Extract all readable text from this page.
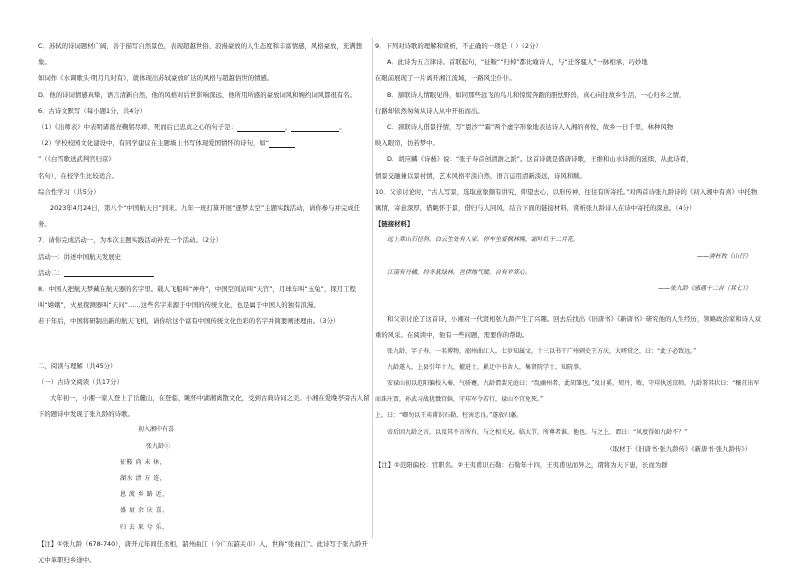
C．苏轼的诗词题材广阔，善于描写自然景色，表现超越世俗、浪漫豪放的人生态度和丰富情感，风格豪放，充满想象。

如词作《水调歌头·明月几时有》，就体现出苏轼豪放旷达的风格与超越俗世的情感。

D．他的诗词情感真挚，语言清新自然，他的风格对后世影响深远，他所用所感的豪放词风和婉约词风都很有名。

6．古诗文默写（每小题1分，共4分）

（1）《出师表》中表明诸葛亮鞠躬尽瘁、死而后已忠贞之心的句子是：	，	。

（2）学校校园文化建设中，有同学建议在主题墙上书写体现爱国情怀的诗句，如“”（《白雪歌送武判官归京》

名句），在校学生比较适合。

综合性学习（共5分）

2023年4月24日，第八个“中国航天日”到来。九年一班打算开展“逐梦太空”主题实践活动，请你参与并完成任务。

7．请你完成活动一，为本次主题实践活动补充一个活动。（2分）

活动一：讲述中国航天发展史

活动二：

8．中国人把航天梦藏在航天器的名字里。载人飞船叫“神舟”，中国空间站叫“天宫”，月球车叫“玉兔”，探月工程叫“嫦娥”，火星探测器叫“天问”……这些名字来源于中国的传统文化，也是属于中国人的独有浪漫。

若干年后，中国将研制出新的航天飞机，请你给这个富有中国传统文化色彩的名字并简要阐述理由。（3分）

二、阅读与理解（共45分）

（一）古诗文阅读（共17分）

大年初一，小湘一家人登上了岳麓山，在登临、眺怀中湖湘离散文化，受到古典诗词之美。小湘在爱晚亭旁古人留下的题诗中发现了张九龄的诗歌。

初入湘中有喜

张九龄①

征鞍 尚 未 休，

湖水 清 方 连，

恩 流 乡 路 近，

盛 衰 余 庆 喜，

归 去 来 兮 乐，

【注】①张九龄（678-740），唐开元年间任丞相，韶州曲江（今广东韶关市）人，世称“张曲江”。此诗写于张九龄开元中革职归乡途中。

9．下列对诗歌的理解和赏析，不正确的一项是（ ）（2分）

A．此诗为五言律诗。首联起句，“征鞍”“归棹”都比喻诗人，与“迁客骚人”一脉相承，巧妙地

在眼前展现了一片离开湘江流域，一路风尘仆仆。

B．颔联诗人情眼见得，如同那些远飞的鸟儿和惊慌奔跑的胆怯野兽，真心向往故乡生活，一心归乡之情，

行路却依然匆匆从诗人从中开拓而出。

C．颈联诗人借景抒情，写“恩沙”“霜”两个虚字形象地表达诗人入湘的喜悦，故乡一日千里，林种风物

映入眼帘，仿若梦中。

D．胡应麟《诗薮》说：“张子寿首创清澹之派”。这首诗就是盛唐诗歌，王维和山水诗派的延续，从此诗看，

情景交融兼以景衬情，艺术风格平淡自然，语言运用清新淡远，诗风和顺。

10．父亲讨论时，“古人写景，选取意象颇有讲究，仰望去心，以形传神，往往有所寄托。”对两首诗张九龄诗的《初入湘中有喜》中托物寓情，寄意深厚，借眺怀于景，借归与人同风，结合下面的链接材料，赏析张九龄诗人在诗中寄托的深意。（4分）

【链接材料】

远上寒山石径斜，白云生处有人家。停车坐爱枫林晚，霜叶红于二月花。

——唐杜牧《山行》

江南有丹橘，经冬犹绿林。岂伊地气暖，自有岁寒心。

——张九龄《感遇十二首（其七）》

和父亲讨论了这首诗，小湘对一代贤相张九龄产生了兴趣。回去后找出《旧唐书》《新唐书》研究他的人生经历，领略政治家和诗人双重的风采。在阅读中，他有一些问题，需要你的帮助。

张九龄，字子寿，一名博物，韶州曲江人，七岁知属文。十三以书干广州刺史王方庆，大嗟赏之，曰：“此子必致远。”

九龄遂入，上县引年十九，擢进士。累迁中书舍人，集贤院学士，知院事。

安禄山初以范阳偏校入奏，气骄蹇，九龄谓裴光庭曰：“乱幽州者，此胡雏也。”及讨奚、契丹，败，守珪执送京师。九龄署其状曰：“穰苴出军而诛庄贾，孙武习战犹戮宫嫔，守珪军令若行，禄山不宜免死。”

上，曰：“卿勿以王夷甫识石勒，枉害忠良。”遂放归藩。

帝后因九龄之言，以及其不言所有，与之相关兄。临大节，所尊者谁，他也。与之上，谓曰：“风度得如九龄不？”

（取材于《旧唐书·张九龄传》《新唐书·张九龄传》）

【注】①范阳偏校：官职名。②王夷甫识石勒：石勒年十四，王夷甫见而异之，谓将为天下患，长而为群
